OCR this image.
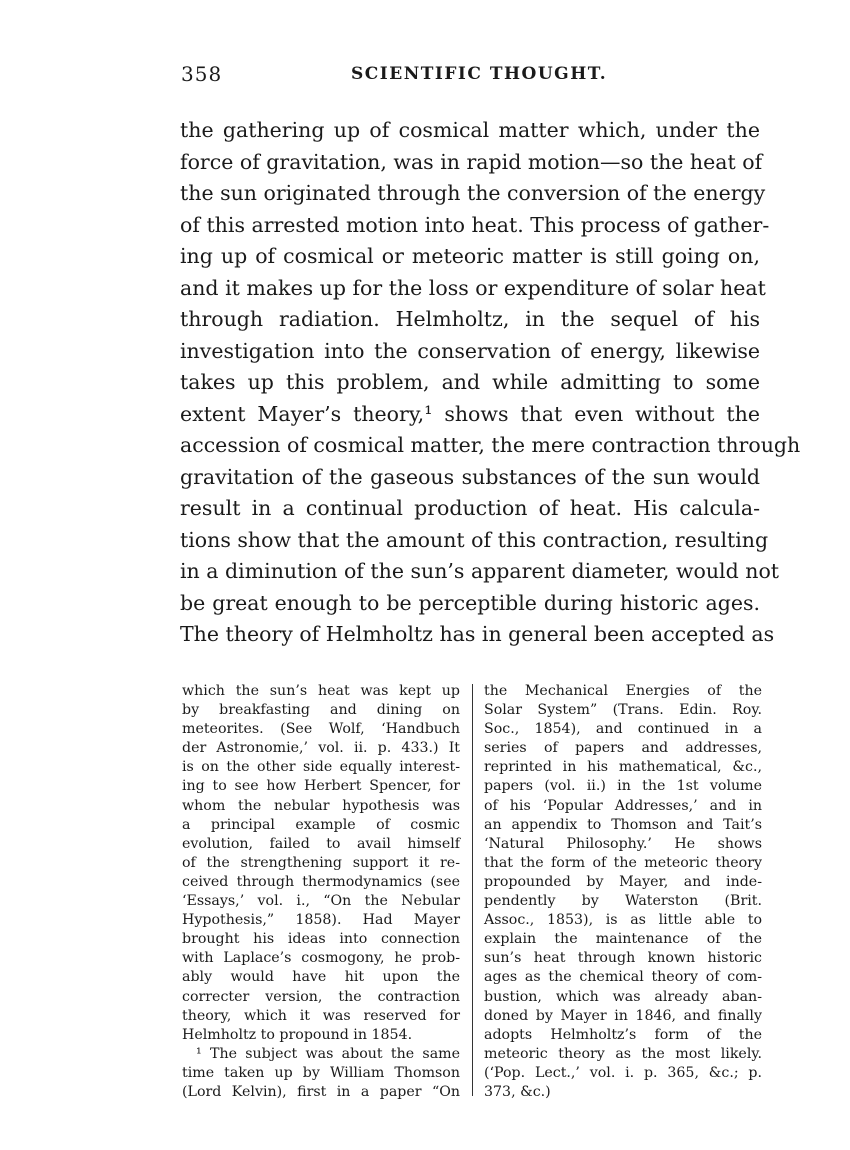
358	SCIENTIFIC THOUGHT.
the gathering up of cosmical matter which, under the
force of gravitation, was in rapid motion—so the heat of
the sun originated through the conversion of the energy
of this arrested motion into heat. This process of gather-
ing up of cosmical or meteoric matter is still going on,
and it makes up for the loss or expenditure of solar heat
through radiation. Helmholtz, in the sequel of his
investigation into the conservation of energy, likewise
takes up this problem, and while admitting to some
extent Mayer’s theory,¹ shows that even without the
accession of cosmical matter, the mere contraction through
gravitation of the gaseous substances of the sun would
result in a continual production of heat. His calcula-
tions show that the amount of this contraction, resulting
in a diminution of the sun’s apparent diameter, would not
be great enough to be perceptible during historic ages.
The theory of Helmholtz has in general been accepted as
which the sun’s heat was kept up
by breakfasting and dining on
meteorites. (See Wolf, ‘Handbuch
der Astronomie,’ vol. ii. p. 433.) It
is on the other side equally interest-
ing to see how Herbert Spencer, for
whom the nebular hypothesis was
a principal example of cosmic
evolution, failed to avail himself
of the strengthening support it re-
ceived through thermodynamics (see
‘Essays,’ vol. i., “On the Nebular
Hypothesis,” 1858). Had Mayer
brought his ideas into connection
with Laplace’s cosmogony, he prob-
ably would have hit upon the
correcter version, the contraction
theory, which it was reserved for
Helmholtz to propound in 1854.
¹ The subject was about the same
time taken up by William Thomson
(Lord Kelvin), first in a paper “On
the Mechanical Energies of the
Solar System” (Trans. Edin. Roy.
Soc., 1854), and continued in a
series of papers and addresses,
reprinted in his mathematical, &c.,
papers (vol. ii.) in the 1st volume
of his ‘Popular Addresses,’ and in
an appendix to Thomson and Tait’s
‘Natural Philosophy.’ He shows
that the form of the meteoric theory
propounded by Mayer, and inde-
pendently by Waterston (Brit.
Assoc., 1853), is as little able to
explain the maintenance of the
sun’s heat through known historic
ages as the chemical theory of com-
bustion, which was already aban-
doned by Mayer in 1846, and finally
adopts Helmholtz’s form of the
meteoric theory as the most likely.
(‘Pop. Lect.,’ vol. i. p. 365, &c.; p.
373, &c.)
